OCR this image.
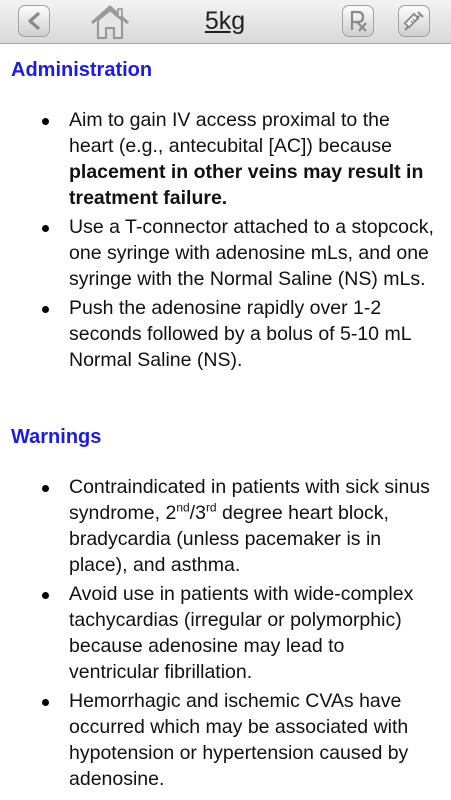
5kg
Administration
Aim to gain IV access proximal to the heart (e.g., antecubital [AC]) because placement in other veins may result in treatment failure.
Use a T-connector attached to a stopcock, one syringe with adenosine mLs, and one syringe with the Normal Saline (NS) mLs.
Push the adenosine rapidly over 1-2 seconds followed by a bolus of 5-10 mL Normal Saline (NS).
Warnings
Contraindicated in patients with sick sinus syndrome, 2nd/3rd degree heart block, bradycardia (unless pacemaker is in place), and asthma.
Avoid use in patients with wide-complex tachycardias (irregular or polymorphic) because adenosine may lead to ventricular fibrillation.
Hemorrhagic and ischemic CVAs have occurred which may be associated with hypotension or hypertension caused by adenosine.
